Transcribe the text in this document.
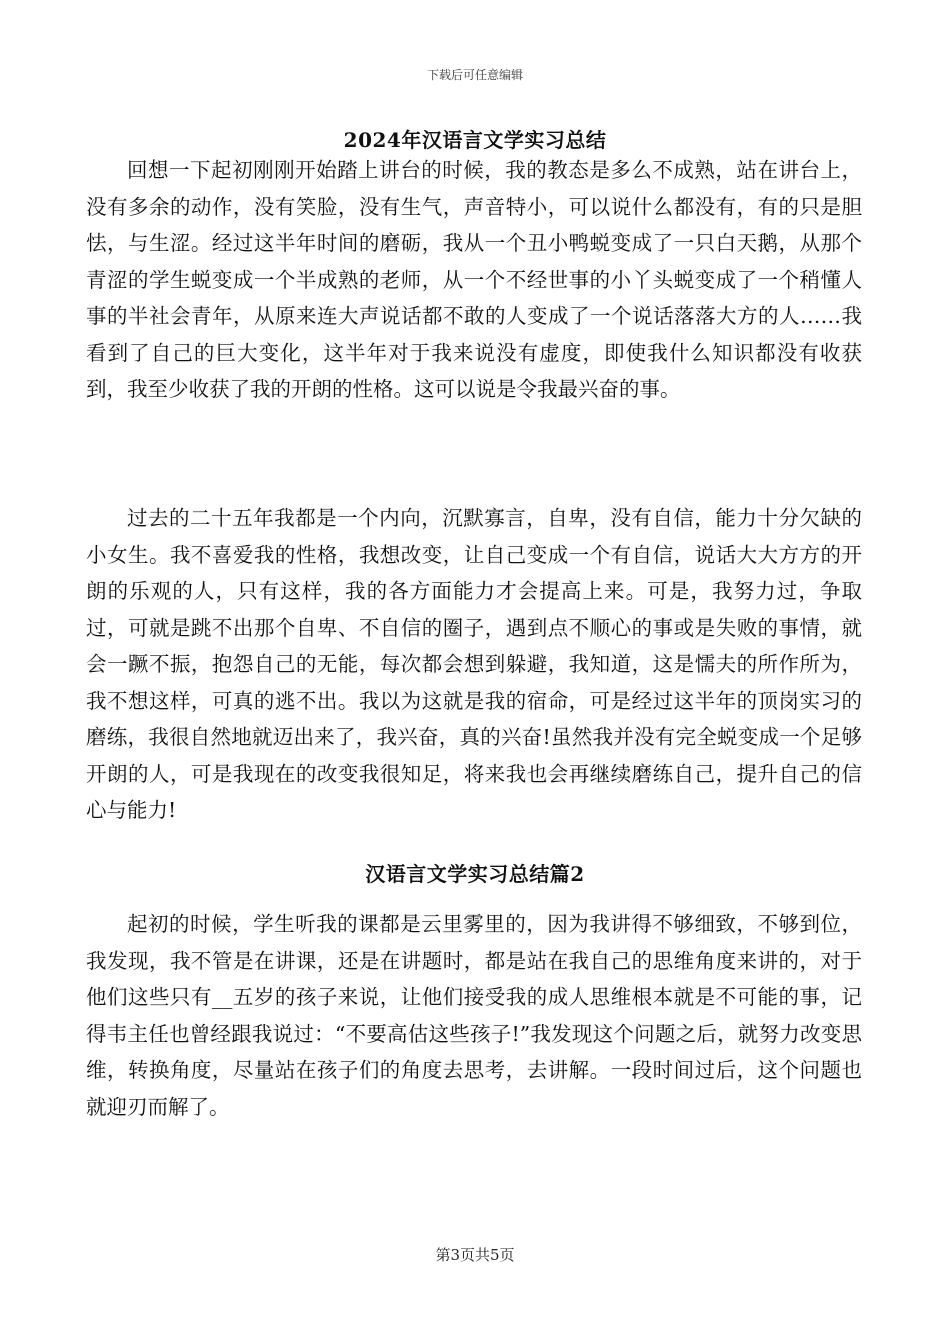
下载后可任意编辑
2024年汉语言文学实习总结

回想一下起初刚刚开始踏上讲台的时候，我的教态是多么不成熟，站在讲台上，没有多余的动作，没有笑脸，没有生气，声音特小，可以说什么都没有，有的只是胆怯，与生涩。经过这半年时间的磨砺，我从一个丑小鸭蜕变成了一只白天鹅，从那个青涩的学生蜕变成一个半成熟的老师，从一个不经世事的小丫头蜕变成了一个稍懂人事的半社会青年，从原来连大声说话都不敢的人变成了一个说话落落大方的人……我看到了自己的巨大变化，这半年对于我来说没有虚度，即使我什么知识都没有收获到，我至少收获了我的开朗的性格。这可以说是令我最兴奋的事。

过去的二十五年我都是一个内向，沉默寡言，自卑，没有自信，能力十分欠缺的小女生。我不喜爱我的性格，我想改变，让自己变成一个有自信，说话大大方方的开朗的乐观的人，只有这样，我的各方面能力才会提高上来。可是，我努力过，争取过，可就是跳不出那个自卑、不自信的圈子，遇到点不顺心的事或是失败的事情，就会一蹶不振，抱怨自己的无能，每次都会想到躲避，我知道，这是懦夫的所作所为，我不想这样，可真的逃不出。我以为这就是我的宿命，可是经过这半年的顶岗实习的磨练，我很自然地就迈出来了，我兴奋，真的兴奋!虽然我并没有完全蜕变成一个足够开朗的人，可是我现在的改变我很知足，将来我也会再继续磨练自己，提升自己的信心与能力!

汉语言文学实习总结篇2

起初的时候，学生听我的课都是云里雾里的，因为我讲得不够细致，不够到位，我发现，我不管是在讲课，还是在讲题时，都是站在我自己的思维角度来讲的，对于他们这些只有__五岁的孩子来说，让他们接受我的成人思维根本就是不可能的事，记得韦主任也曾经跟我说过：“不要高估这些孩子!”我发现这个问题之后，就努力改变思维，转换角度，尽量站在孩子们的角度去思考，去讲解。一段时间过后，这个问题也就迎刃而解了。

第3页共5页
